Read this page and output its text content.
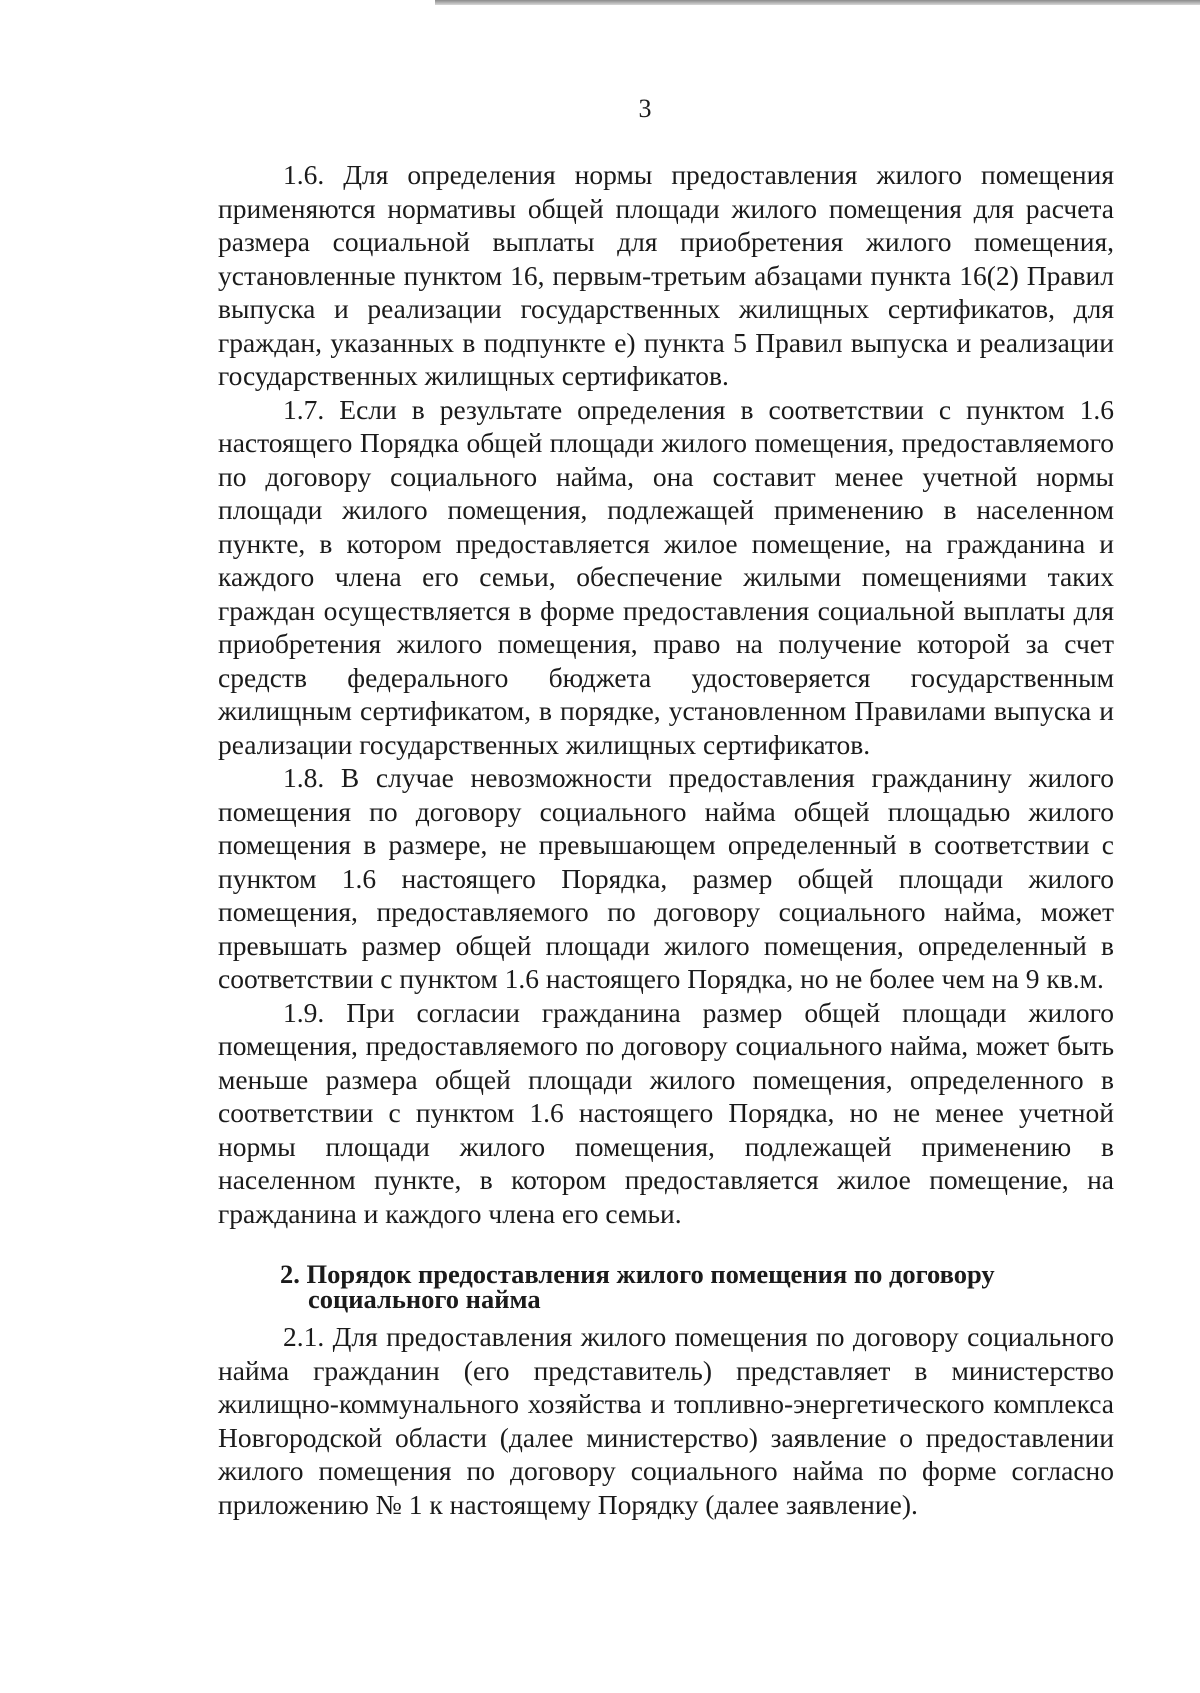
3

1.6. Для определения нормы предоставления жилого помещения применяются нормативы общей площади жилого помещения для расчета размера социальной выплаты для приобретения жилого помещения, установленные пунктом 16, первым-третьим абзацами пункта 16(2) Правил выпуска и реализации государственных жилищных сертификатов, для граждан, указанных в подпункте е) пункта 5 Правил выпуска и реализации государственных жилищных сертификатов.

1.7. Если в результате определения в соответствии с пунктом 1.6 настоящего Порядка общей площади жилого помещения, предоставляемого по договору социального найма, она составит менее учетной нормы площади жилого помещения, подлежащей применению в населенном пункте, в котором предоставляется жилое помещение, на гражданина и каждого члена его семьи, обеспечение жилыми помещениями таких граждан осуществляется в форме предоставления социальной выплаты для приобретения жилого помещения, право на получение которой за счет средств федерального бюджета удостоверяется государственным жилищным сертификатом, в порядке, установленном Правилами выпуска и реализации государственных жилищных сертификатов.

1.8. В случае невозможности предоставления гражданину жилого помещения по договору социального найма общей площадью жилого помещения в размере, не превышающем определенный в соответствии с пунктом 1.6 настоящего Порядка, размер общей площади жилого помещения, предоставляемого по договору социального найма, может превышать размер общей площади жилого помещения, определенный в соответствии с пунктом 1.6 настоящего Порядка, но не более чем на 9 кв.м.

1.9. При согласии гражданина размер общей площади жилого помещения, предоставляемого по договору социального найма, может быть меньше размера общей площади жилого помещения, определенного в соответствии с пунктом 1.6 настоящего Порядка, но не менее учетной нормы площади жилого помещения, подлежащей применению в населенном пункте, в котором предоставляется жилое помещение, на гражданина и каждого члена его семьи.

2. Порядок предоставления жилого помещения по договору
социального найма

2.1. Для предоставления жилого помещения по договору социального найма гражданин (его представитель) представляет в министерство жилищно-коммунального хозяйства и топливно-энергетического комплекса Новгородской области (далее министерство) заявление о предоставлении жилого помещения по договору социального найма по форме согласно приложению № 1 к настоящему Порядку (далее заявление).
